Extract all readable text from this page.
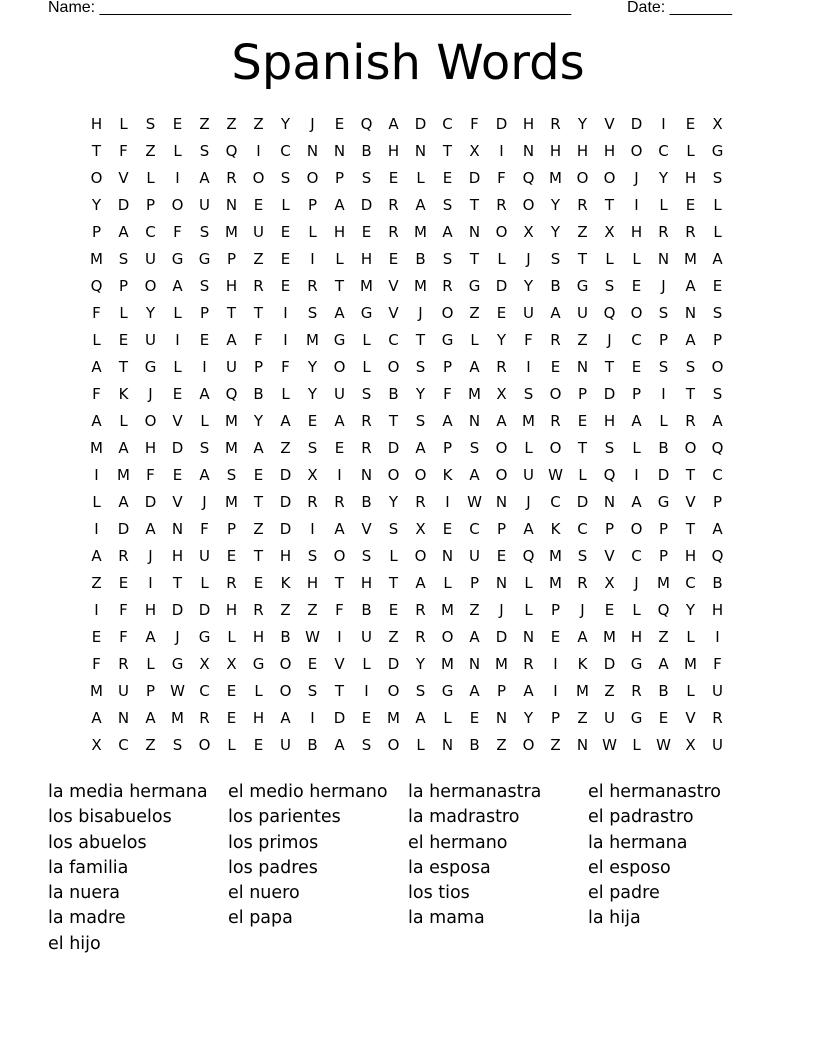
Name: _____________________________________________________	Date: _______
Spanish Words
H	L	S	E	Z	Z	Z	Y	J	E	Q	A	D	C	F	D	H	R	Y	V	D	I	E	X
T	F	Z	L	S	Q	I	C	N	N	B	H	N	T	X	I	N	H	H	H	O	C	L	G
O	V	L	I	A	R	O	S	O	P	S	E	L	E	D	F	Q M O	O	J	Y	H	S
Y	D	P	O	U	N	E	L	P	A	D	R	A	S	T	R	O	Y	R	T	I	L	E	L
P	A	C	F	S	M	U	E	L	H	E	R	M	A	N	O	X	Y	Z	X	H	R	R	L
M	S	U	G	G	P	Z	E	I	L	H	E	B	S	T	L	J	S	T	L	L	N M	A
Q	P	O	A	S	H	R	E	R	T	M	V	M	R	G	D	Y	B	G	S	E	J	A	E
F	L	Y	L	P	T	T	I	S	A	G	V	J	O	Z	E	U	A	U	Q	O	S	N	S
L	E	U	I	E	A	F	I	M G	L	C	T	G	L	Y	F	R	Z	J	C	P	A	P
A	T	G	L	I	U	P	F	Y	O	L	O	S	P	A	R	I	E	N	T	E	S	S	O
F	K	J	E	A	Q	B	L	Y	U	S	B	Y	F	M	X	S	O	P	D	P	I	T	S
A	L	O	V	L	M	Y	A	E	A	R	T	S	A	N	A	M	R	E	H	A	L	R	A
M	A	H	D	S	M	A	Z	S	E	R	D	A	P	S	O	L	O	T	S	L	B	O	Q
I	M	F	E	A	S	E	D	X	I	N	O	O	K	A	O	U W	L	Q	I	D	T	C
L	A	D	V	J	M	T	D	R	R	B	Y	R	I	W N	J	C	D	N	A	G	V	P
I	D	A	N	F	P	Z	D	I	A	V	S	X	E	C	P	A	K	C	P	O	P	T	A
A	R	J	H	U	E	T	H	S	O	S	L	O	N	U	E	Q M	S	V	C	P	H	Q
Z	E	I	T	L	R	E	K	H	T	H	T	A	L	P	N	L	M	R	X	J	M	C	B
I	F	H	D	D	H	R	Z	Z	F	B	E	R	M	Z	J	L	P	J	E	L	Q	Y	H
E	F	A	J	G	L	H	B W	I	U	Z	R	O	A	D	N	E	A	M H	Z	L	I
F	R	L	G	X	X	G	O	E	V	L	D	Y	M N M	R	I	K	D	G	A	M	F
M	U	P	W C	E	L	O	S	T	I	O	S	G	A	P	A	I	M	Z	R	B	L	U
A	N	A	M	R	E	H	A	I	D	E	M	A	L	E	N	Y	P	Z	U	G	E	V	R
X	C	Z	S	O	L	E	U	B	A	S	O	L	N	B	Z	O	Z	N W	L	W X	U
la media hermana	el medio hermano	la hermanastra	el hermanastro
los bisabuelos	los parientes	la madrastro	el padrastro
los abuelos	los primos	el hermano	la hermana
la familia	los padres	la esposa	el esposo
la nuera	el nuero	los tios	el padre
la madre	el papa	la mama	la hija
el hijo
